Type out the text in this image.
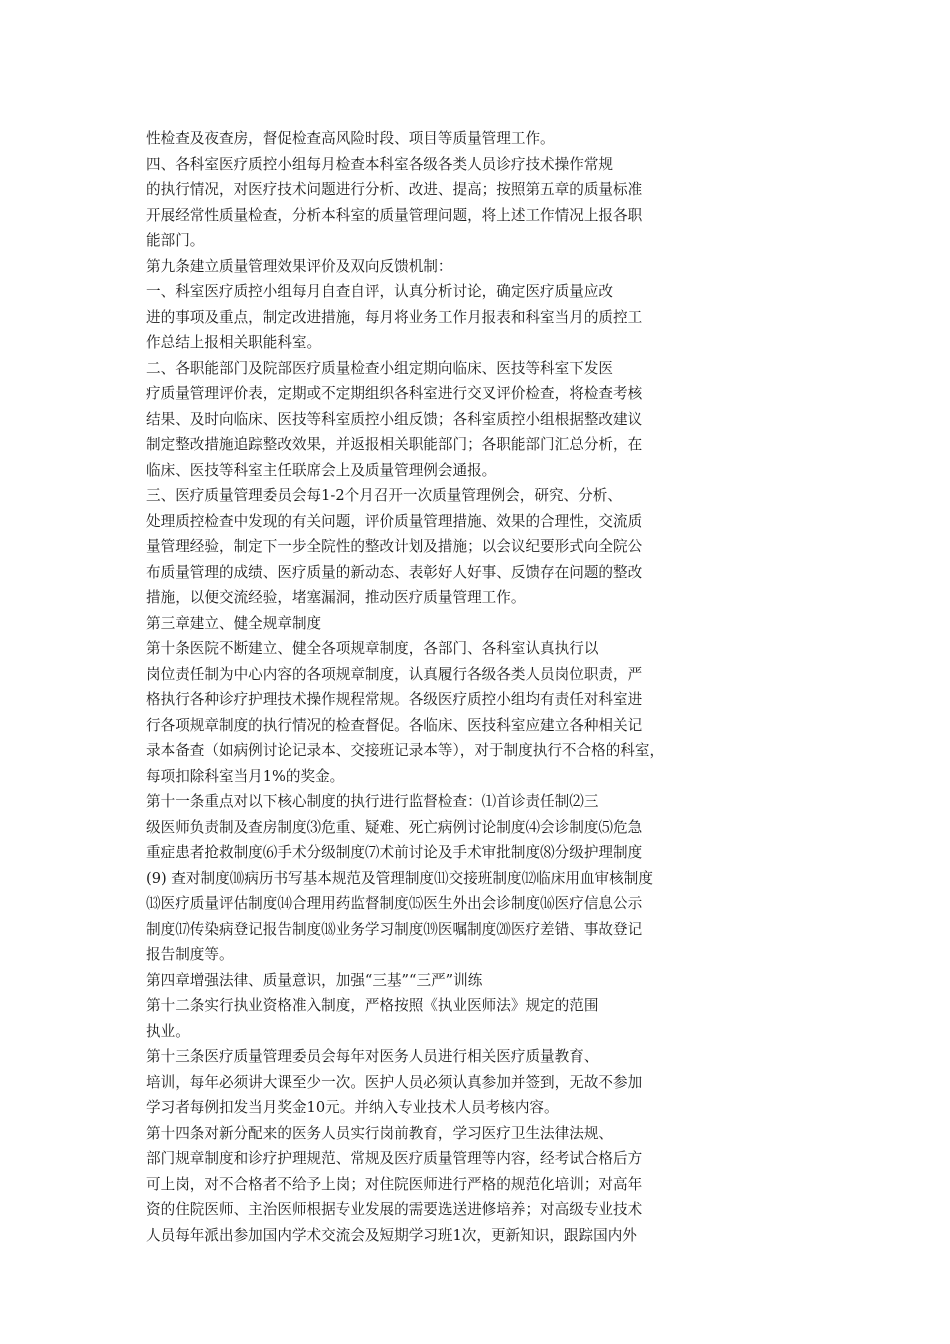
性检查及夜查房，督促检查高风险时段、项目等质量管理工作。
四、各科室医疗质控小组每月检查本科室各级各类人员诊疗技术操作常规
的执行情况，对医疗技术问题进行分析、改进、提高；按照第五章的质量标准
开展经常性质量检查，分析本科室的质量管理问题，将上述工作情况上报各职
能部门。
第九条建立质量管理效果评价及双向反馈机制：
一、科室医疗质控小组每月自查自评，认真分析讨论，确定医疗质量应改
进的事项及重点，制定改进措施，每月将业务工作月报表和科室当月的质控工
作总结上报相关职能科室。
二、各职能部门及院部医疗质量检查小组定期向临床、医技等科室下发医
疗质量管理评价表，定期或不定期组织各科室进行交叉评价检查，将检查考核
结果、及时向临床、医技等科室质控小组反馈；各科室质控小组根据整改建议
制定整改措施追踪整改效果，并返报相关职能部门；各职能部门汇总分析，在
临床、医技等科室主任联席会上及质量管理例会通报。
三、医疗质量管理委员会每1-2个月召开一次质量管理例会，研究、分析、
处理质控检查中发现的有关问题，评价质量管理措施、效果的合理性，交流质
量管理经验，制定下一步全院性的整改计划及措施；以会议纪要形式向全院公
布质量管理的成绩、医疗质量的新动态、表彰好人好事、反馈存在问题的整改
措施，以便交流经验，堵塞漏洞，推动医疗质量管理工作。
第三章建立、健全规章制度
第十条医院不断建立、健全各项规章制度，各部门、各科室认真执行以
岗位责任制为中心内容的各项规章制度，认真履行各级各类人员岗位职责，严
格执行各种诊疗护理技术操作规程常规。各级医疗质控小组均有责任对科室进
行各项规章制度的执行情况的检查督促。各临床、医技科室应建立各种相关记
录本备查（如病例讨论记录本、交接班记录本等），对于制度执行不合格的科室，
每项扣除科室当月1%的奖金。
第十一条重点对以下核心制度的执行进行监督检查：⑴首诊责任制⑵三
级医师负责制及查房制度⑶危重、疑难、死亡病例讨论制度⑷会诊制度⑸危急
重症患者抢救制度⑹手术分级制度⑺术前讨论及手术审批制度⑻分级护理制度
(9) 查对制度⑽病历书写基本规范及管理制度⑾交接班制度⑿临床用血审核制度
⒀医疗质量评估制度⒁合理用药监督制度⒂医生外出会诊制度⒃医疗信息公示
制度⒄传染病登记报告制度⒅业务学习制度⒆医嘱制度⒇医疗差错、事故登记
报告制度等。
第四章增强法律、质量意识，加强“三基”“三严”训练
第十二条实行执业资格准入制度，严格按照《执业医师法》规定的范围
执业。
第十三条医疗质量管理委员会每年对医务人员进行相关医疗质量教育、
培训，每年必须讲大课至少一次。医护人员必须认真参加并签到，无故不参加
学习者每例扣发当月奖金10元。并纳入专业技术人员考核内容。
第十四条对新分配来的医务人员实行岗前教育，学习医疗卫生法律法规、
部门规章制度和诊疗护理规范、常规及医疗质量管理等内容，经考试合格后方
可上岗，对不合格者不给予上岗；对住院医师进行严格的规范化培训；对高年
资的住院医师、主治医师根据专业发展的需要选送进修培养；对高级专业技术
人员每年派出参加国内学术交流会及短期学习班1次，更新知识，跟踪国内外
